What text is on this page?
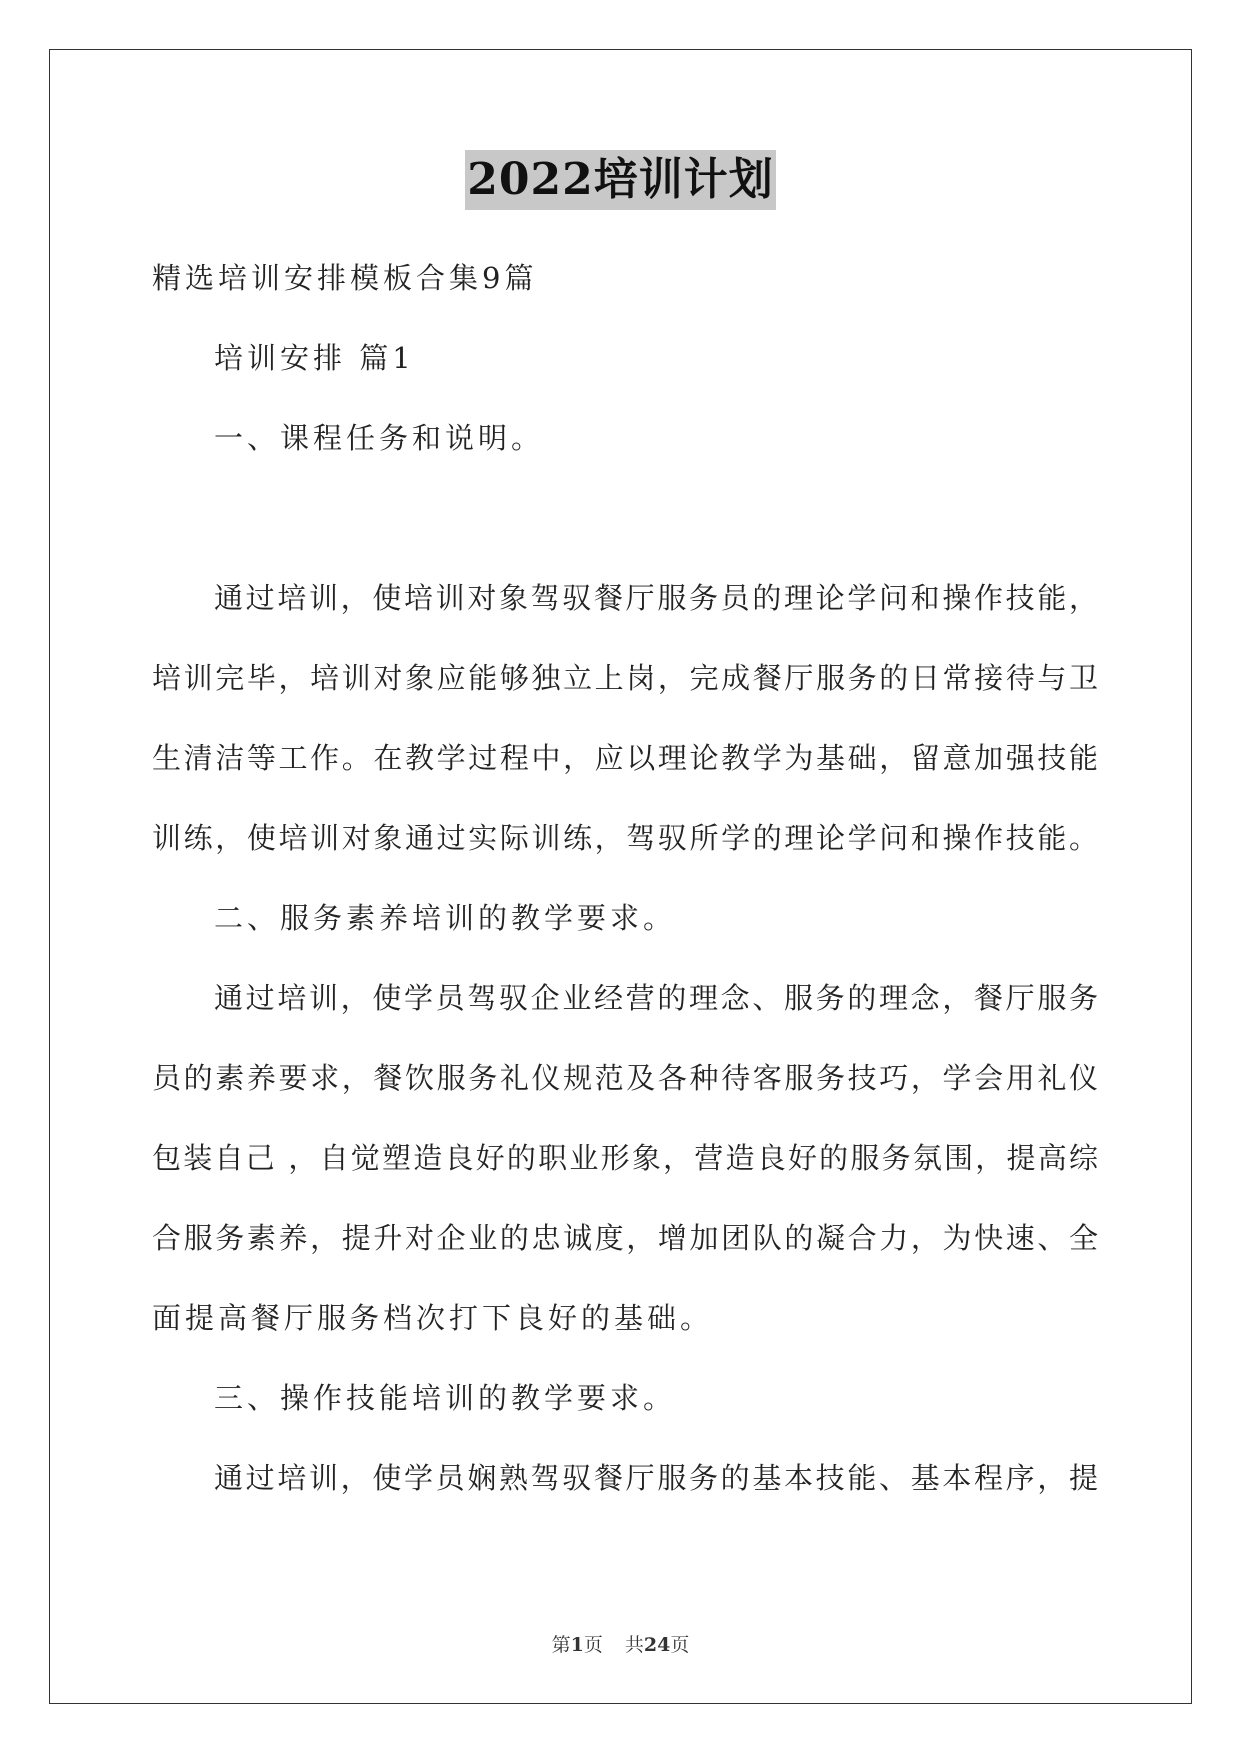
2022培训计划
精选培训安排模板合集9篇
培训安排 篇1
一、课程任务和说明。
通过培训，使培训对象驾驭餐厅服务员的理论学问和操作技能，
培训完毕，培训对象应能够独立上岗，完成餐厅服务的日常接待与卫
生清洁等工作。在教学过程中，应以理论教学为基础，留意加强技能
训练，使培训对象通过实际训练，驾驭所学的理论学问和操作技能。
二、服务素养培训的教学要求。
通过培训，使学员驾驭企业经营的理念、服务的理念，餐厅服务
员的素养要求，餐饮服务礼仪规范及各种待客服务技巧，学会用礼仪
包装自己 ，自觉塑造良好的职业形象，营造良好的服务氛围，提高综
合服务素养，提升对企业的忠诚度，增加团队的凝合力，为快速、全
面提高餐厅服务档次打下良好的基础。
三、操作技能培训的教学要求。
通过培训，使学员娴熟驾驭餐厅服务的基本技能、基本程序，提
第1页 共24页
